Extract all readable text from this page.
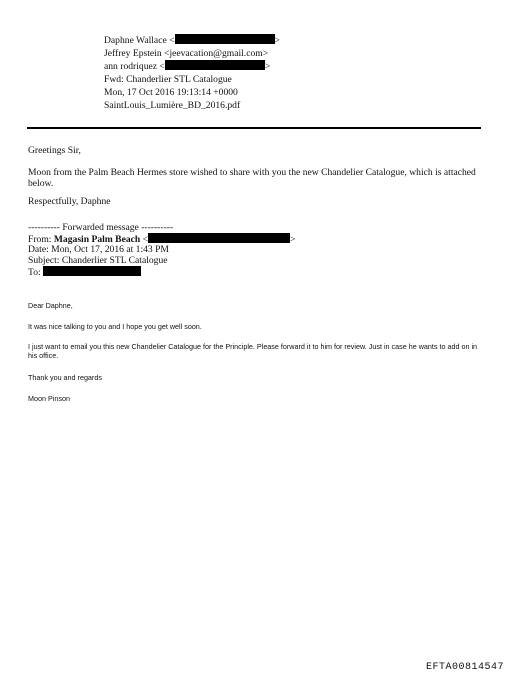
Daphne Wallace <	>
Jeffrey Epstein <jeevacation@gmail.com>
ann rodriquez <	>
Fwd: Chanderlier STL Catalogue
Mon, 17 Oct 2016 19:13:14 +0000
SaintLouis_Lumière_BD_2016.pdf
Greetings Sir,
Moon from the Palm Beach Hermes store wished to share with you the new Chandelier Catalogue, which is attached below.
Respectfully, Daphne
---------- Forwarded message ----------
From: Magasin Palm Beach <	>
Date: Mon, Oct 17, 2016 at 1:43 PM
Subject: Chanderlier STL Catalogue
To:
Dear Daphne,
It was nice talking to you and I hope you get well soon.
I just want to email you this new Chandelier Catalogue for the Principle. Please forward it to him for review. Just in case he wants to add on in his office.
Thank you and regards
Moon Pinson
EFTA00814547
